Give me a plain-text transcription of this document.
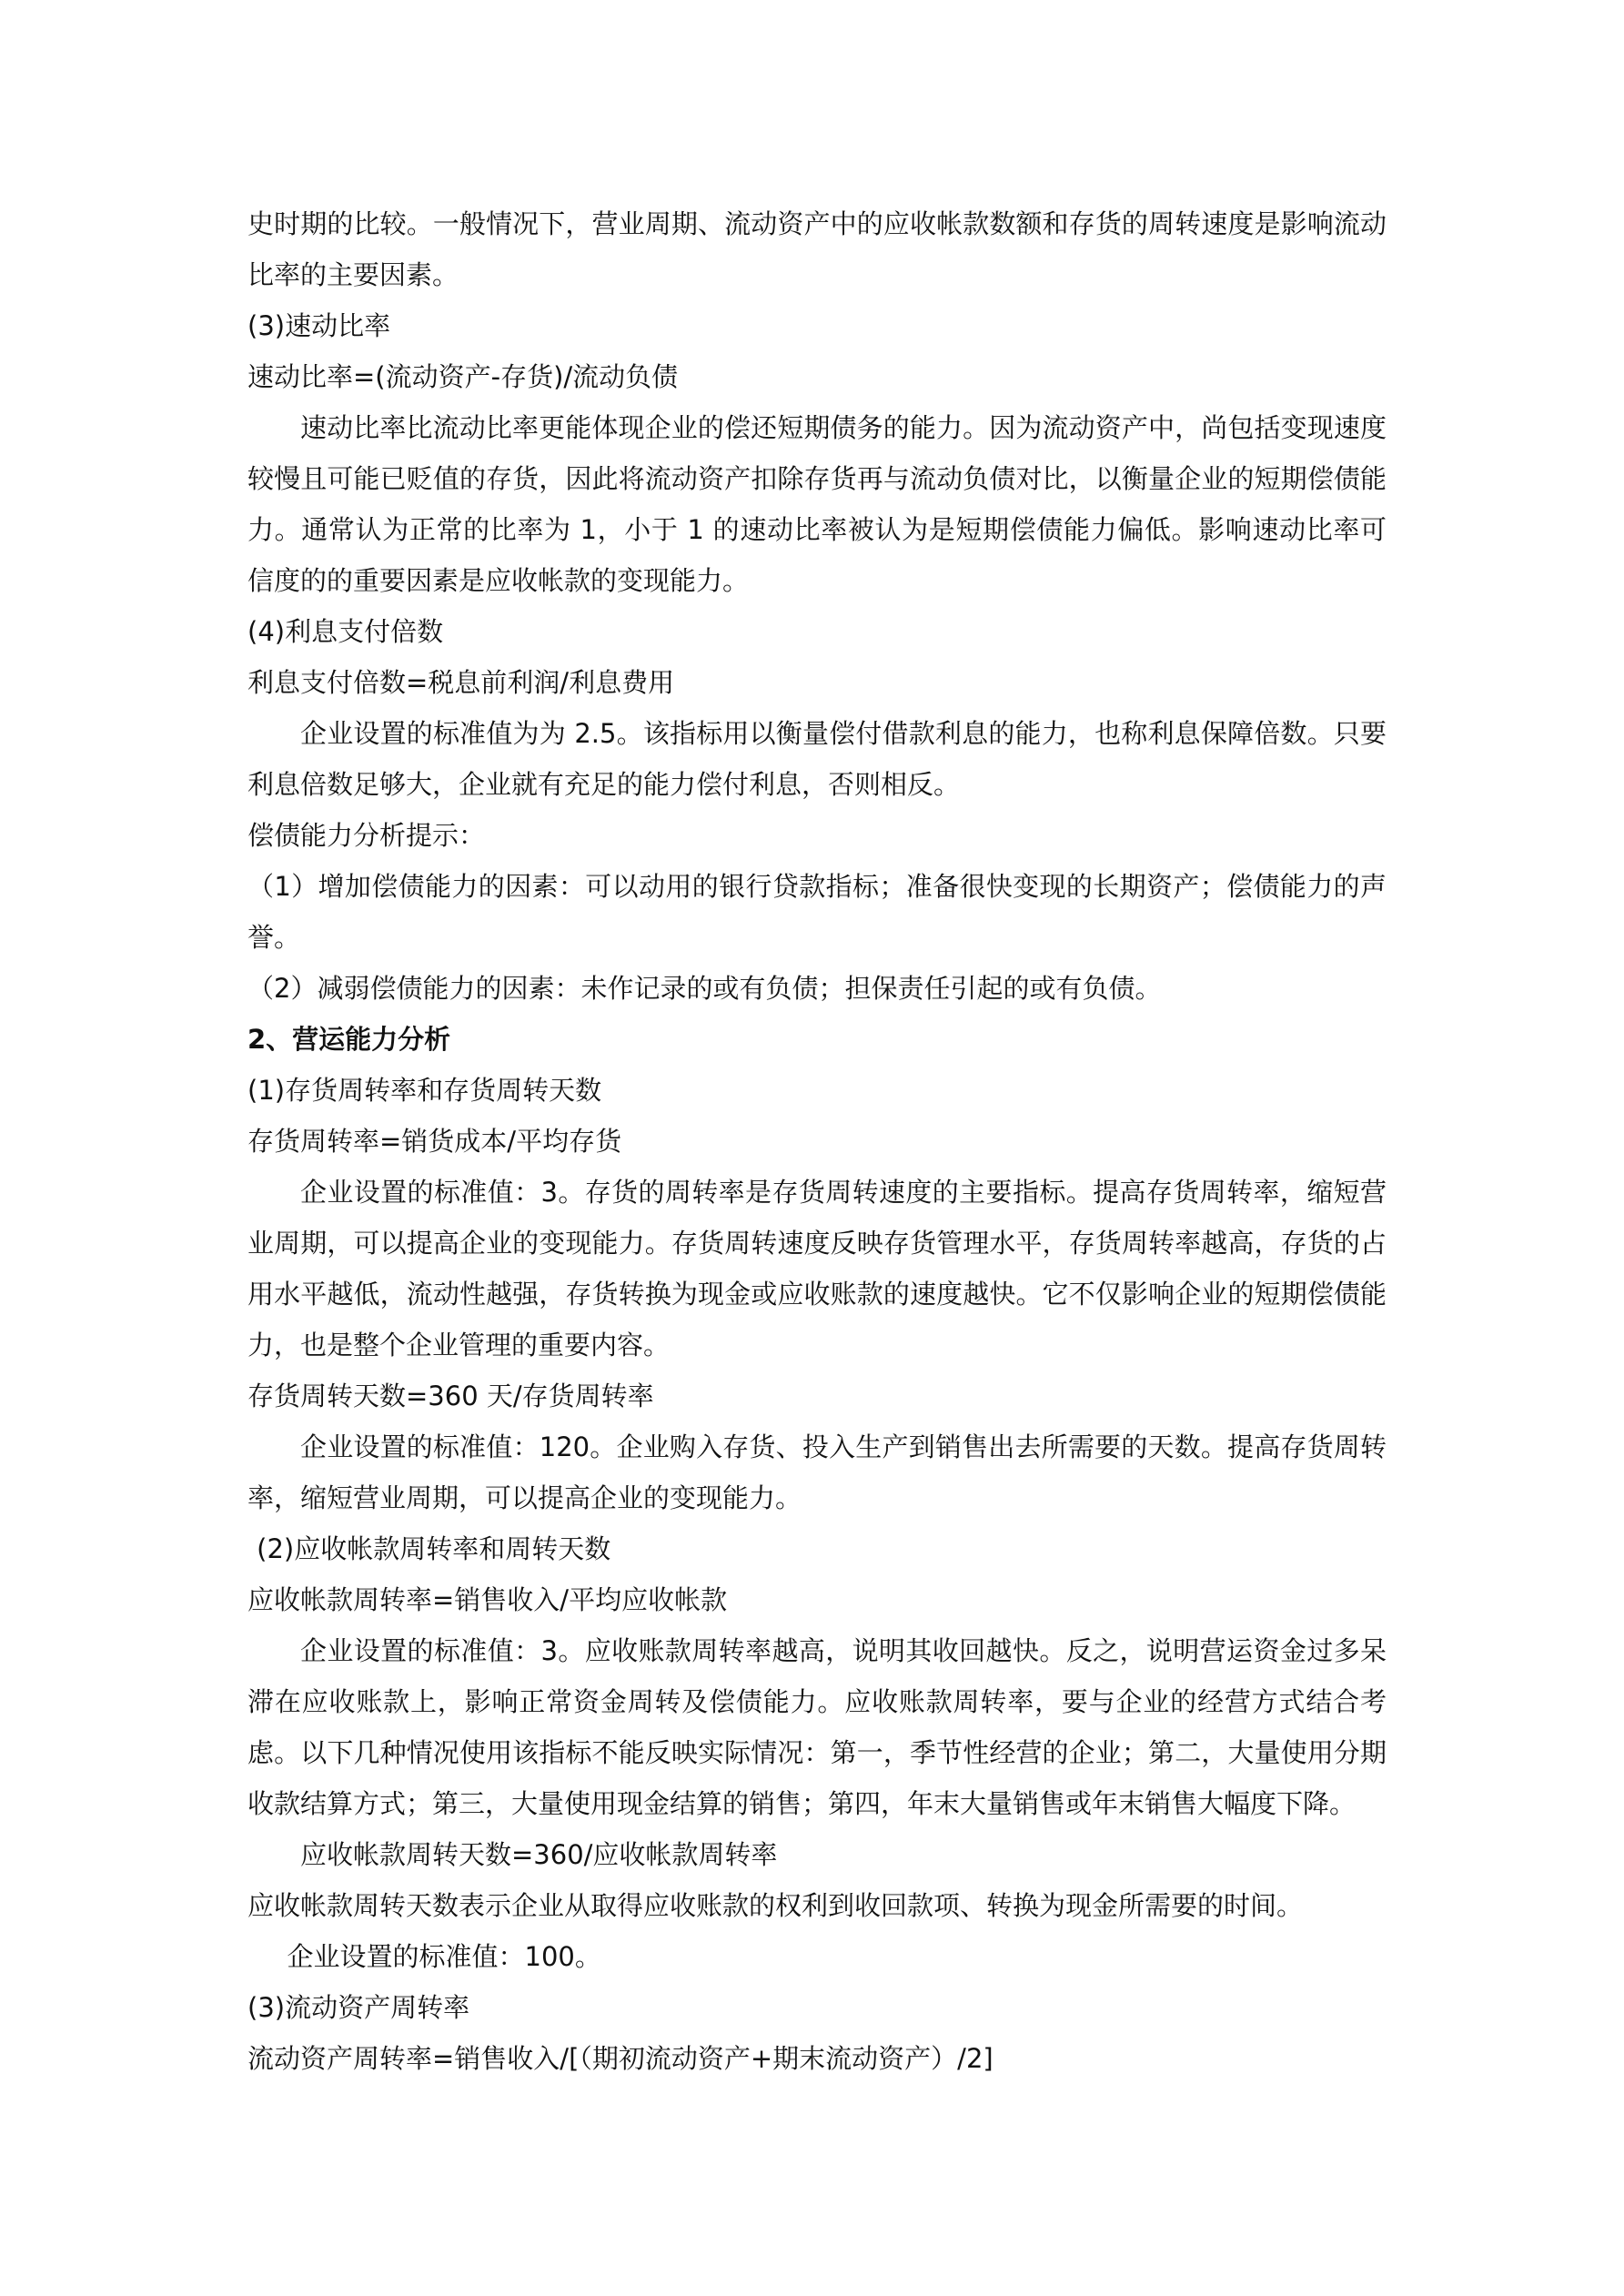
史时期的比较。一般情况下，营业周期、流动资产中的应收帐款数额和存货的周转速度是影响流动比率的主要因素。

(3)速动比率

速动比率=(流动资产-存货)/流动负债

速动比率比流动比率更能体现企业的偿还短期债务的能力。因为流动资产中，尚包括变现速度较慢且可能已贬值的存货，因此将流动资产扣除存货再与流动负债对比，以衡量企业的短期偿债能力。通常认为正常的比率为 1，小于 1 的速动比率被认为是短期偿债能力偏低。影响速动比率可信度的的重要因素是应收帐款的变现能力。

(4)利息支付倍数

利息支付倍数=税息前利润/利息费用

企业设置的标准值为为 2.5。该指标用以衡量偿付借款利息的能力，也称利息保障倍数。只要利息倍数足够大，企业就有充足的能力偿付利息，否则相反。

偿债能力分析提示：

（1）增加偿债能力的因素：可以动用的银行贷款指标；准备很快变现的长期资产；偿债能力的声誉。

（2）减弱偿债能力的因素：未作记录的或有负债；担保责任引起的或有负债。

2、营运能力分析

(1)存货周转率和存货周转天数

存货周转率=销货成本/平均存货

企业设置的标准值：3。存货的周转率是存货周转速度的主要指标。提高存货周转率，缩短营业周期，可以提高企业的变现能力。存货周转速度反映存货管理水平，存货周转率越高，存货的占用水平越低，流动性越强，存货转换为现金或应收账款的速度越快。它不仅影响企业的短期偿债能力，也是整个企业管理的重要内容。

存货周转天数=360 天/存货周转率

企业设置的标准值：120。企业购入存货、投入生产到销售出去所需要的天数。提高存货周转率，缩短营业周期，可以提高企业的变现能力。

(2)应收帐款周转率和周转天数

应收帐款周转率=销售收入/平均应收帐款

企业设置的标准值：3。应收账款周转率越高，说明其收回越快。反之，说明营运资金过多呆滞在应收账款上，影响正常资金周转及偿债能力。应收账款周转率，要与企业的经营方式结合考虑。以下几种情况使用该指标不能反映实际情况：第一，季节性经营的企业；第二，大量使用分期收款结算方式；第三，大量使用现金结算的销售；第四，年末大量销售或年末销售大幅度下降。

应收帐款周转天数=360/应收帐款周转率

应收帐款周转天数表示企业从取得应收账款的权利到收回款项、转换为现金所需要的时间。

企业设置的标准值：100。

(3)流动资产周转率

流动资产周转率=销售收入/[（期初流动资产+期末流动资产）/2]
